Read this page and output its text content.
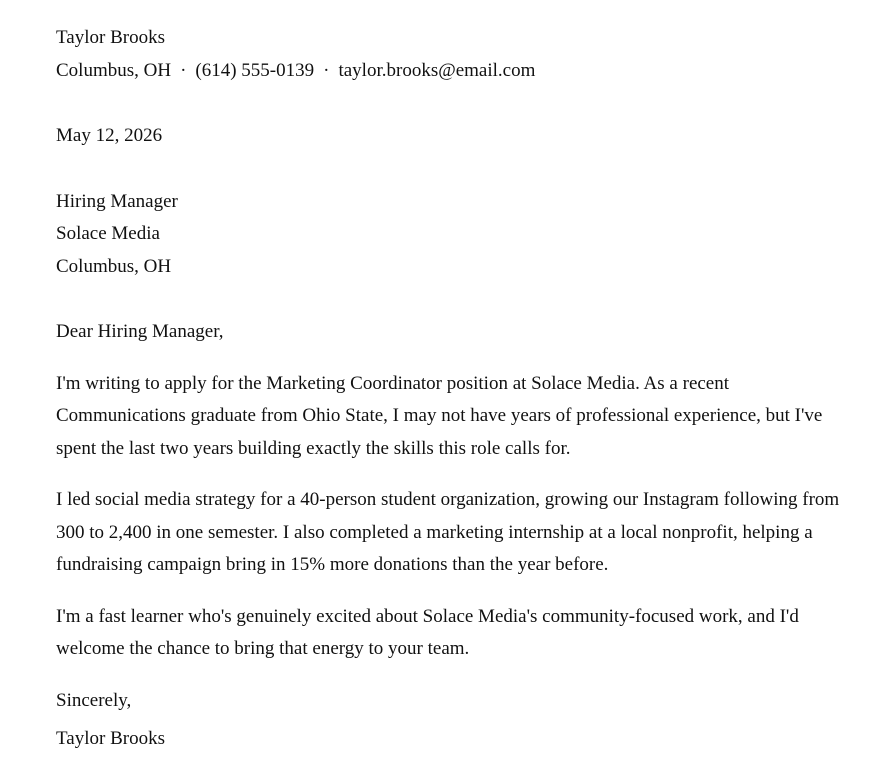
Taylor Brooks
Columbus, OH · (614) 555-0139 · taylor.brooks@email.com
May 12, 2026
Hiring Manager
Solace Media
Columbus, OH
Dear Hiring Manager,

I'm writing to apply for the Marketing Coordinator position at Solace Media. As a recent Communications graduate from Ohio State, I may not have years of professional experience, but I've spent the last two years building exactly the skills this role calls for.

I led social media strategy for a 40-person student organization, growing our Instagram following from 300 to 2,400 in one semester. I also completed a marketing internship at a local nonprofit, helping a fundraising campaign bring in 15% more donations than the year before.

I'm a fast learner who's genuinely excited about Solace Media's community-focused work, and I'd welcome the chance to bring that energy to your team.

Sincerely,
Taylor Brooks
